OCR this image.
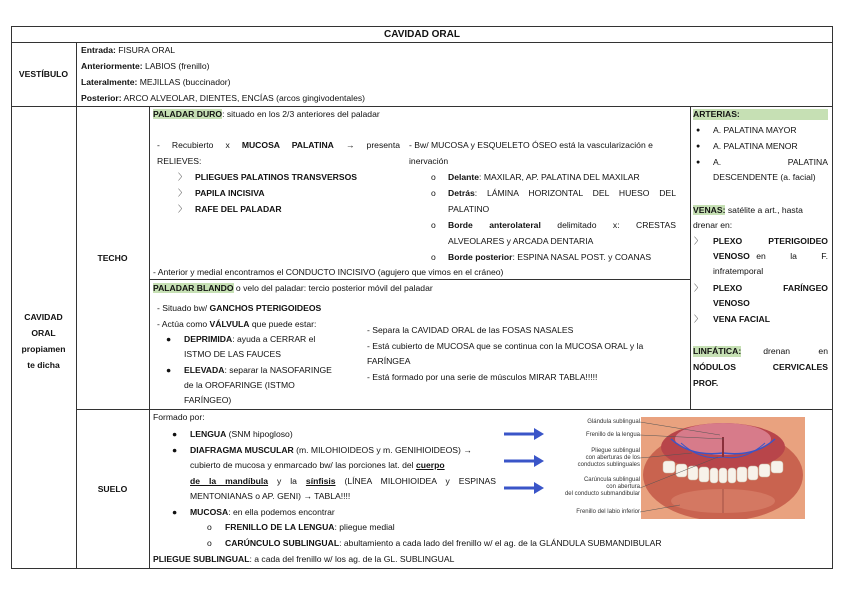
CAVIDAD ORAL
VESTÍBULO
Entrada: FISURA ORAL
Anteriormente: LABIOS (frenillo)
Lateralmente: MEJILLAS (buccinador)
Posterior: ARCO ALVEOLAR, DIENTES, ENCÍAS (arcos gingivodentales)
CAVIDAD
ORAL
propiamen
te dicha
TECHO
PALADAR DURO: situado en los 2/3 anteriores del paladar
- Recubierto x MUCOSA PALATINA → presenta
RELIEVES:
〉 PLIEGUES PALATINOS TRANSVERSOS
〉 PAPILA INCISIVA
〉 RAFE DEL PALADAR
- Bw/ MUCOSA y ESQUELETO ÓSEO está la vascularización e
inervación
o Delante: MAXILAR, AP. PALATINA DEL MAXILAR
o Detrás: LÁMINA HORIZONTAL DEL HUESO DEL
PALATINO
o Borde anterolateral delimitado x: CRESTAS
ALVEOLARES y ARCADA DENTARIA
o Borde posterior: ESPINA NASAL POST. y COANAS
- Anterior y medial encontramos el CONDUCTO INCISIVO (agujero que vimos en el cráneo)
PALADAR BLANDO o velo del paladar: tercio posterior móvil del paladar
- Situado bw/ GANCHOS PTERIGOIDEOS
- Actúa como VÁLVULA que puede estar:
● DEPRIMIDA: ayuda a CERRAR el
ISTMO DE LAS FAUCES
● ELEVADA: separar la NASOFARINGE
de la OROFARINGE (ISTMO
FARÍNGEO)
- Separa la CAVIDAD ORAL de las FOSAS NASALES
- Está cubierto de MUCOSA que se continua con la MUCOSA ORAL y la
FARÍNGEA
- Está formado por una serie de músculos MIRAR TABLA!!!!!
ARTERIAS:
● A. PALATINA MAYOR
● A. PALATINA MENOR
● A. PALATINA
DESCENDENTE (a. facial)
VENAS: satélite a art., hasta
drenar en:
〉 PLEXO PTERIGOIDEO
VENOSO en la F.
infratemporal
〉 PLEXO FARÍNGEO
VENOSO
〉 VENA FACIAL
LINFÁTICA:	drenan en
NÓDULOS CERVICALES
PROF.
SUELO
Formado por:
● LENGUA (SNM hipogloso)
● DIAFRAGMA MUSCULAR (m. MILOHIOIDEOS y m. GENIHIOIDEOS) →
cubierto de mucosa y enmarcado bw/ las porciones lat. del cuerpo
de la mandíbula y la sínfisis (LÍNEA MILOHIOIDEA y ESPINAS
MENTONIANAS o AP. GENI) → TABLA!!!!
● MUCOSA: en ella podemos encontrar
o FRENILLO DE LA LENGUA: pliegue medial
o CARÚNCULO SUBLINGUAL: abultamiento a cada lado del frenillo w/ el ag. de la GLÁNDULA SUBMANDIBULAR
PLIEGUE SUBLINGUAL: a cada del frenillo w/ los ag. de la GL. SUBLINGUAL
Glándula sublingual
Frenillo de la lengua
Pliegue sublingual
con aberturas de los
conductos sublinguales
Carúncula sublingual
con abertura
del conducto submandibular
Frenillo del labio inferior
